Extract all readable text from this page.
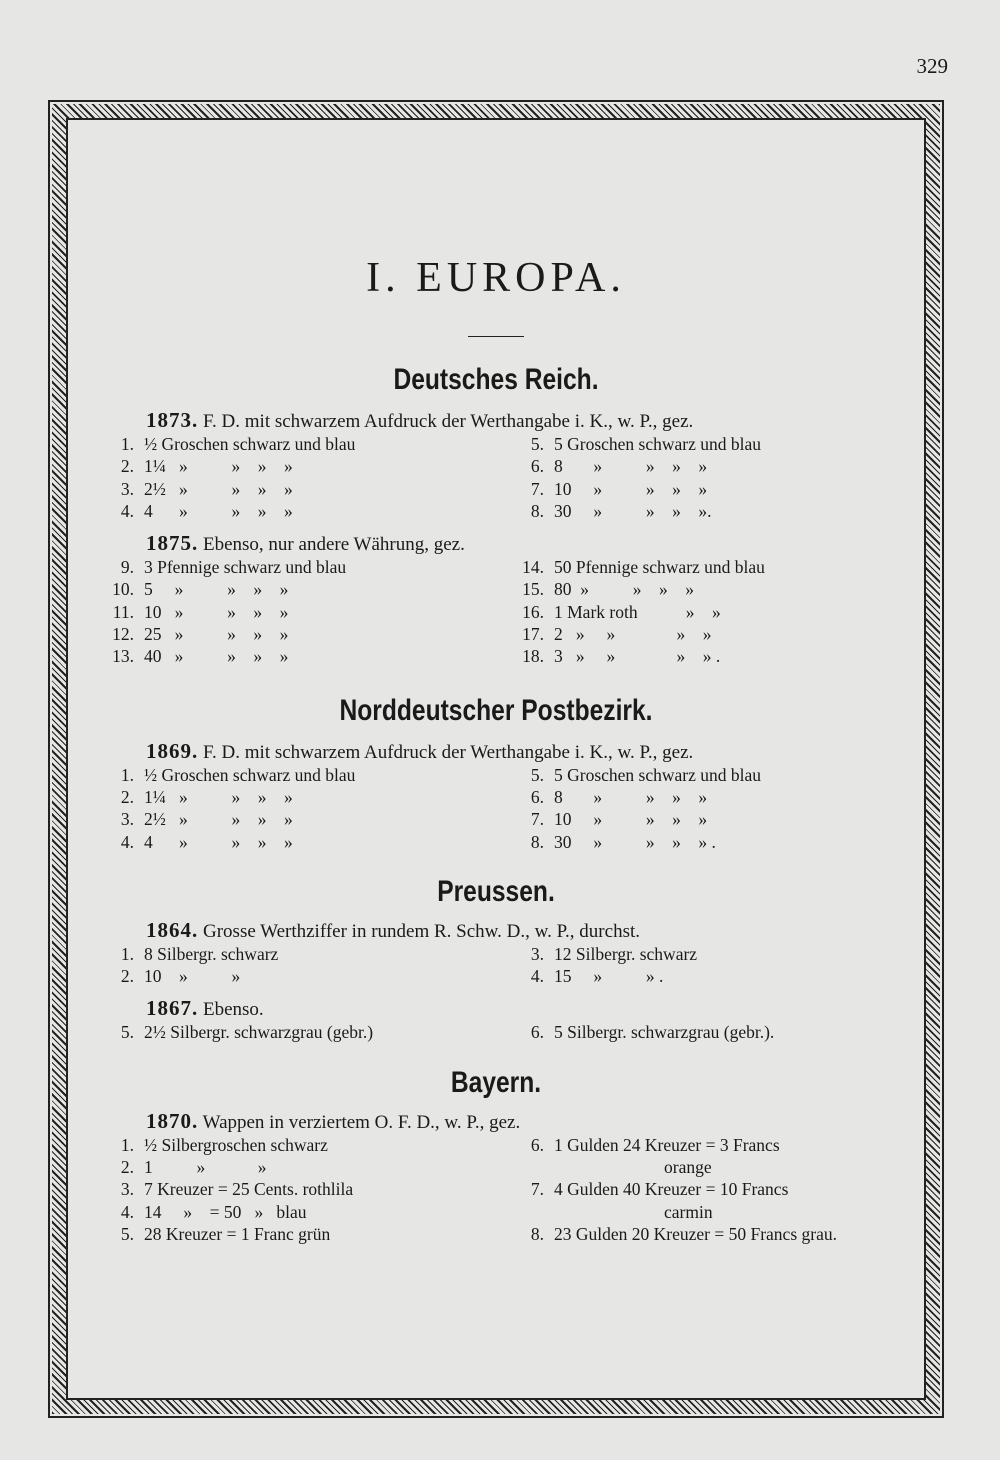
329
I. EUROPA.
Deutsches Reich.
1873. F. D. mit schwarzem Aufdruck der Werthangabe i. K., w. P., gez.
1. ½ Groschen schwarz und blau
2. 1¼   »          »    »    »
3. 2½   »          »    »    »
4. 4      »          »    »    »
5. 5 Groschen schwarz und blau
6. 8       »          »    »    »
7. 10     »          »    »    »
8. 30     »          »    »    ».
1875. Ebenso, nur andere Währung, gez.
9. 3 Pfennige schwarz und blau
10. 5     »          »    »    »
11. 10   »          »    »    »
12. 25   »          »    »    »
13. 40   »          »    »    »
14. 50 Pfennige schwarz und blau
15. 80  »          »    »    »
16. 1 Mark roth           »    »
17. 2   »     »              »    »
18. 3   »     »              »    » .
Norddeutscher Postbezirk.
1869. F. D. mit schwarzem Aufdruck der Werthangabe i. K., w. P., gez.
1. ½ Groschen schwarz und blau
2. 1¼   »          »    »    »
3. 2½   »          »    »    »
4. 4      »          »    »    »
5. 5 Groschen schwarz und blau
6. 8       »          »    »    »
7. 10     »          »    »    »
8. 30     »          »    »    » .
Preussen.
1864. Grosse Werthziffer in rundem R. Schw. D., w. P., durchst.
1. 8 Silbergr. schwarz
2. 10    »          »
3. 12 Silbergr. schwarz
4. 15     »          » .
1867. Ebenso.
5. 2½ Silbergr. schwarzgrau (gebr.)	6. 5 Silbergr. schwarzgrau (gebr.).
Bayern.
1870. Wappen in verziertem O. F. D., w. P., gez.
1. ½ Silbergroschen schwarz
2. 1          »            »
3. 7 Kreuzer = 25 Cents. rothlila
4. 14     »    = 50   »   blau
5. 28 Kreuzer = 1 Franc grün
6. 1 Gulden 24 Kreuzer = 3 Francs
orange
7. 4 Gulden 40 Kreuzer = 10 Francs
carmin
8. 23 Gulden 20 Kreuzer = 50 Francs grau.
